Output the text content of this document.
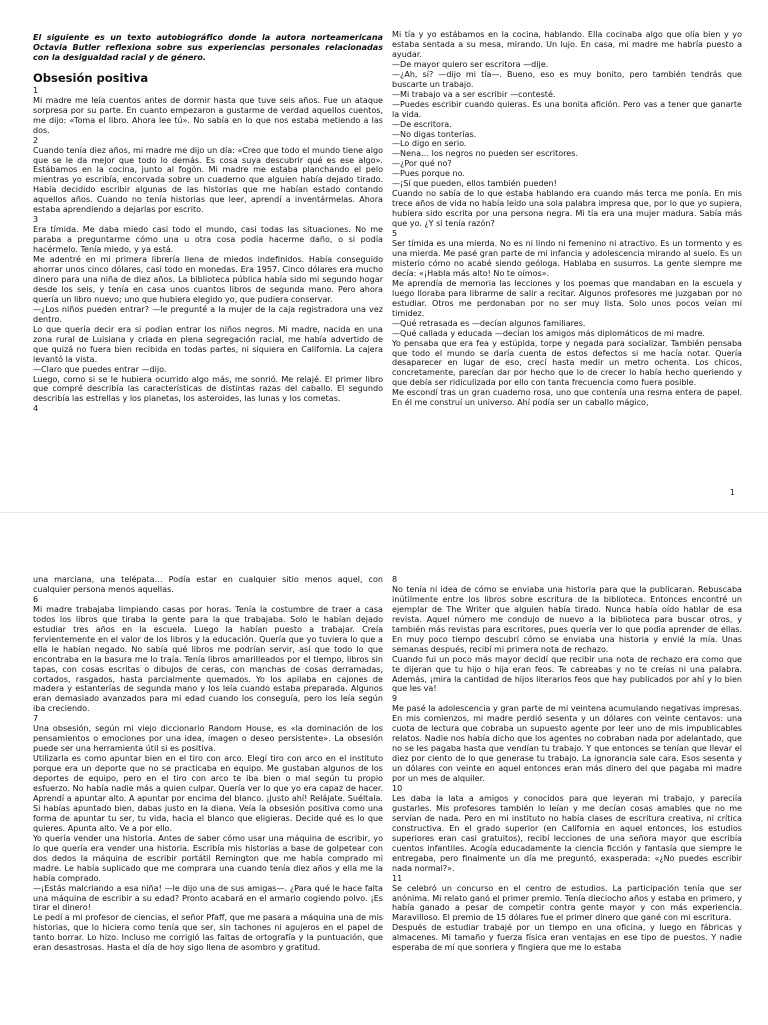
El siguiente es un texto autobiográfico donde la autora norteamericana Octavia Butler reflexiona sobre sus experiencias personales relacionadas con la desigualdad racial y de género.

Obsesión positiva

1

Mi madre me leía cuentos antes de dormir hasta que tuve seis años. Fue un ataque sorpresa por su parte. En cuanto empezaron a gustarme de verdad aquellos cuentos, me dijo: «Toma el libro. Ahora lee tú». No sabía en lo que nos estaba metiendo a las dos.

2

Cuando tenía diez años, mi madre me dijo un día: «Creo que todo el mundo tiene algo que se le da mejor que todo lo demás. Es cosa suya descubrir qué es ese algo». Estábamos en la cocina, junto al fogón. Mi madre me estaba planchando el pelo mientras yo escribía, encorvada sobre un cuaderno que alguien había dejado tirado. Había decidido escribir algunas de las historias que me habían estado contando aquellos años. Cuando no tenía historias que leer, aprendí a inventármelas. Ahora estaba aprendiendo a dejarlas por escrito.

3

Era tímida. Me daba miedo casi todo el mundo, casi todas las situaciones. No me paraba a preguntarme cómo una u otra cosa podía hacerme daño, o si podía hacérmelo. Tenía miedo, y ya está.

Me adentré en mi primera librería llena de miedos indefinidos. Había conseguido ahorrar unos cinco dólares, casi todo en monedas. Era 1957. Cinco dólares era mucho dinero para una niña de diez años. La biblioteca pública había sido mi segundo hogar desde los seis, y tenía en casa unos cuantos libros de segunda mano. Pero ahora quería un libro nuevo; uno que hubiera elegido yo, que pudiera conservar.

—¿Los niños pueden entrar? —le pregunté a la mujer de la caja registradora una vez dentro.

Lo que quería decir era si podían entrar los niños negros. Mi madre, nacida en una zona rural de Luisiana y criada en plena segregación racial, me había advertido de que quizá no fuera bien recibida en todas partes, ni siquiera en California. La cajera levantó la vista.

—Claro que puedes entrar —dijo.

Luego, como si se le hubiera ocurrido algo más, me sonrió. Me relajé. El primer libro que compré describía las características de distintas razas del caballo. El segundo describía las estrellas y los planetas, los asteroides, las lunas y los cometas.

4

Mi tía y yo estábamos en la cocina, hablando. Ella cocinaba algo que olía bien y yo estaba sentada a su mesa, mirando. Un lujo. En casa, mi madre me habría puesto a ayudar.

—De mayor quiero ser escritora —dije.

—¿Ah, sí? —dijo mi tía—. Bueno, eso es muy bonito, pero también tendrás que buscarte un trabajo.

—Mi trabajo va a ser escribir —contesté.

—Puedes escribir cuando quieras. Es una bonita afición. Pero vas a tener que ganarte la vida.

—De escritora.

—No digas tonterías.

—Lo digo en serio.

—Nena… los negros no pueden ser escritores.

—¿Por qué no?

—Pues porque no.

—¡Sí que pueden, ellos también pueden!

Cuando no sabía de lo que estaba hablando era cuando más terca me ponía. En mis trece años de vida no había leído una sola palabra impresa que, por lo que yo supiera, hubiera sido escrita por una persona negra. Mi tía era una mujer madura. Sabía más que yo. ¿Y si tenía razón?

5

Ser tímida es una mierda. No es ni lindo ni femenino ni atractivo. Es un tormento y es una mierda. Me pasé gran parte de mi infancia y adolescencia mirando al suelo. Es un misterio cómo no acabé siendo geóloga. Hablaba en susurros. La gente siempre me decía: «¡Habla más alto! No te oímos».

Me aprendía de memoria las lecciones y los poemas que mandaban en la escuela y luego lloraba para librarme de salir a recitar. Algunos profesores me juzgaban por no estudiar. Otros me perdonaban por no ser muy lista. Solo unos pocos veían mi timidez.

—Qué retrasada es —decían algunos familiares.

—Qué callada y educada —decían los amigos más diplomáticos de mi madre.

Yo pensaba que era fea y estúpida, torpe y negada para socializar. También pensaba que todo el mundo se daría cuenta de estos defectos si me hacía notar. Quería desaparecer en lugar de eso, crecí hasta medir un metro ochenta. Los chicos, concretamente, parecían dar por hecho que lo de crecer lo había hecho queriendo y que debía ser ridiculizada por ello con tanta frecuencia como fuera posible.

Me escondí tras un gran cuaderno rosa, uno que contenía una resma entera de papel. En él me construí un universo. Ahí podía ser un caballo mágico,

1

una marciana, una telépata… Podía estar en cualquier sitio menos aquel, con cualquier persona menos aquellas.

6

Mi madre trabajaba limpiando casas por horas. Tenía la costumbre de traer a casa todos los libros que tiraba la gente para la que trabajaba. Solo le habían dejado estudiar tres años en la escuela. Luego la habían puesto a trabajar. Creía fervientemente en el valor de los libros y la educación. Quería que yo tuviera lo que a ella le habían negado. No sabía qué libros me podrían servir, así que todo lo que encontraba en la basura me lo traía. Tenía libros amarilleados por el tiempo, libros sin tapas, con cosas escritas o dibujos de ceras, con manchas de cosas derramadas, cortados, rasgados, hasta parcialmente quemados. Yo los apilaba en cajones de madera y estanterías de segunda mano y los leía cuando estaba preparada. Algunos eran demasiado avanzados para mi edad cuando los conseguía, pero los leía según iba creciendo.

7

Una obsesión, según mi viejo diccionario Random House, es «la dominación de los pensamientos o emociones por una idea, imagen o deseo persistente». La obsesión puede ser una herramienta útil si es positiva.

Utilizarla es como apuntar bien en el tiro con arco. Elegí tiro con arco en el instituto porque era un deporte que no se practicaba en equipo. Me gustaban algunos de los deportes de equipo, pero en el tiro con arco te iba bien o mal según tu propio esfuerzo. No había nadie más a quien culpar. Quería ver lo que yo era capaz de hacer. Aprendí a apuntar alto. A apuntar por encima del blanco. ¡Justo ahí! Relájate. Suéltala. Si habías apuntado bien, dabas justo en la diana. Veía la obsesión positiva como una forma de apuntar tu ser, tu vida, hacia el blanco que eligieras. Decide qué es lo que quieres. Apunta alto. Ve a por ello.

Yo quería vender una historia. Antes de saber cómo usar una máquina de escribir, yo lo que quería era vender una historia. Escribía mis historias a base de golpetear con dos dedos la máquina de escribir portátil Remington que me había comprado mi madre. Le había suplicado que me comprara una cuando tenía diez años y ella me la había comprado.

—¡Estás malcriando a esa niña! —le dijo una de sus amigas—. ¿Para qué le hace falta una máquina de escribir a su edad? Pronto acabará en el armario cogiendo polvo. ¡Es tirar el dinero!

Le pedí a mi profesor de ciencias, el señor Pfaff, que me pasara a máquina una de mis historias, que lo hiciera como tenía que ser, sin tachones ni agujeros en el papel de tanto borrar. Lo hizo. Incluso me corrigió las faltas de ortografía y la puntuación, que eran desastrosas. Hasta el día de hoy sigo llena de asombro y gratitud.

8

No tenía ni idea de cómo se enviaba una historia para que la publicaran. Rebuscaba inútilmente entre los libros sobre escritura de la biblioteca. Entonces encontré un ejemplar de The Writer que alguien había tirado. Nunca había oído hablar de esa revista. Aquel número me condujo de nuevo a la biblioteca para buscar otros, y también más revistas para escritores, pues quería ver lo que podía aprender de ellas. En muy poco tiempo descubrí cómo se enviaba una historia y envié la mía. Unas semanas después, recibí mi primera nota de rechazo.

Cuando fui un poco más mayor decidí que recibir una nota de rechazo era como que te dijeran que tu hijo o hija eran feos. Te cabreabas y no te creías ni una palabra. Además, ¡mira la cantidad de hijos literarios feos que hay publicados por ahí y lo bien que les va!

9

Me pasé la adolescencia y gran parte de mi veintena acumulando negativas impresas. En mis comienzos, mi madre perdió sesenta y un dólares con veinte centavos: una cuota de lectura que cobraba un supuesto agente por leer uno de mis impublicables relatos. Nadie nos había dicho que los agentes no cobraban nada por adelantado, que no se les pagaba hasta que vendían tu trabajo. Y que entonces se tenían que llevar el diez por ciento de lo que generase tu trabajo. La ignorancia sale cara. Esos sesenta y un dólares con veinte en aquel entonces eran más dinero del que pagaba mi madre por un mes de alquiler.

10

Les daba la lata a amigos y conocidos para que leyeran mi trabajo, y pareciía gustarles. Mis profesores también lo leían y me decían cosas amables que no me servían de nada. Pero en mi instituto no había clases de escritura creativa, ni crítica constructiva. En el grado superior (en California en aquel entonces, los estudios superiores eran casi gratuitos), recibí lecciones de una señora mayor que escribía cuentos infantiles. Acogía educadamente la ciencia ficción y fantasía que siempre le entregaba, pero finalmente un día me preguntó, exasperada: «¿No puedes escribir nada normal?».

11

Se celebró un concurso en el centro de estudios. La participación tenía que ser anónima. Mi relato ganó el primer premio. Tenía dieciocho años y estaba en primero, y había ganado a pesar de competir contra gente mayor y con más experiencia. Maravilloso. El premio de 15 dólares fue el primer dinero que gané con mi escritura.

Después de estudiar trabajé por un tiempo en una oficina, y luego en fábricas y almacenes. Mi tamaño y fuerza física eran ventajas en ese tipo de puestos. Y nadie esperaba de mí que sonriera y fingiera que me lo estaba
